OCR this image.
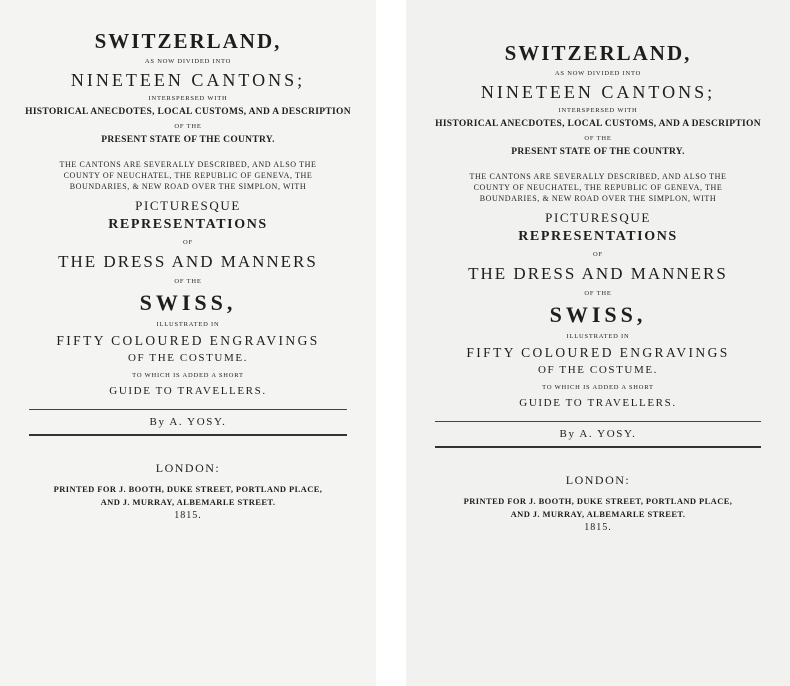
SWITZERLAND,
AS NOW DIVIDED INTO
NINETEEN CANTONS;
INTERSPERSED WITH
HISTORICAL ANECDOTES, LOCAL CUSTOMS, AND A DESCRIPTION
OF THE
PRESENT STATE OF THE COUNTRY.
THE CANTONS ARE SEVERALLY DESCRIBED, AND ALSO THE
COUNTY OF NEUCHATEL, THE REPUBLIC OF GENEVA, THE
BOUNDARIES, & NEW ROAD OVER THE SIMPLON, WITH
PICTURESQUE
REPRESENTATIONS
OF
THE DRESS AND MANNERS
OF THE
SWISS,
ILLUSTRATED IN
FIFTY COLOURED ENGRAVINGS
OF THE COSTUME.
TO WHICH IS ADDED A SHORT
GUIDE TO TRAVELLERS.
By A. YOSY.
LONDON:
PRINTED FOR J. BOOTH, DUKE STREET, PORTLAND PLACE,
AND J. MURRAY, ALBEMARLE STREET.
1815.
SWITZERLAND,
AS NOW DIVIDED INTO
NINETEEN CANTONS;
INTERSPERSED WITH
HISTORICAL ANECDOTES, LOCAL CUSTOMS, AND A DESCRIPTION
OF THE
PRESENT STATE OF THE COUNTRY.
THE CANTONS ARE SEVERALLY DESCRIBED, AND ALSO THE
COUNTY OF NEUCHATEL, THE REPUBLIC OF GENEVA, THE
BOUNDARIES, & NEW ROAD OVER THE SIMPLON, WITH
PICTURESQUE
REPRESENTATIONS
OF
THE DRESS AND MANNERS
OF THE
SWISS,
ILLUSTRATED IN
FIFTY COLOURED ENGRAVINGS
OF THE COSTUME.
TO WHICH IS ADDED A SHORT
GUIDE TO TRAVELLERS.
By A. YOSY.
LONDON:
PRINTED FOR J. BOOTH, DUKE STREET, PORTLAND PLACE,
AND J. MURRAY, ALBEMARLE STREET.
1815.
